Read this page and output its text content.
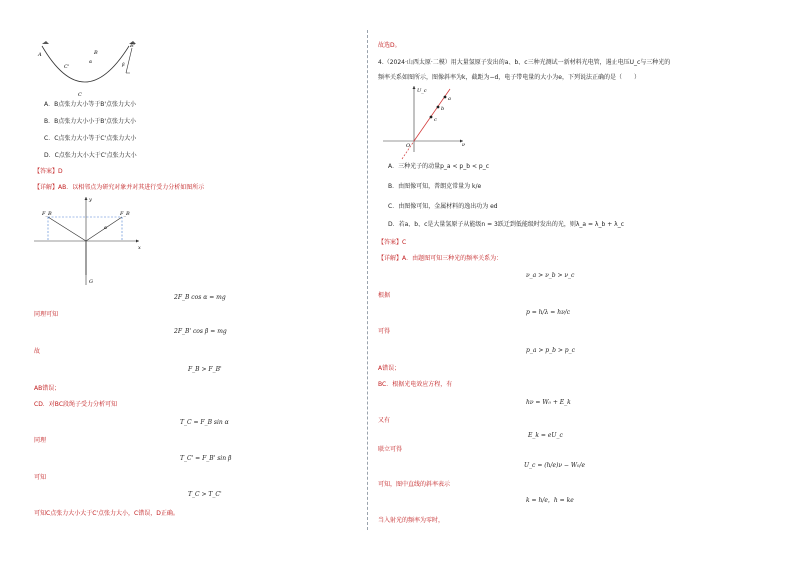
A	B
C
C'
B'
α
β
A．B点张力大小等于B'点张力大小
B．B点张力大小小于B'点张力大小
C．C点张力大小等于C'点张力大小
D．C点张力大小大于C'点张力大小
【答案】D
【详解】AB．以相邻点为研究对象并对其进行受力分析如图所示
F_B	F_B
α
y
x
G
2F_B cos α = mg
同理可知
2F_B' cos β = mg
故
F_B > F_B'
AB错误；
CD．对BC段绳子受力分析可知
T_C = F_B sin α
同理
T_C' = F_B' sin β
可知
T_C > T_C'
可知C点张力大小大于C'点张力大小，C错误，D正确。
故选D。
4.（2024·山西太原·二模）用大量氢原子发出的a、b、c三种光测试一新材料光电管，遏止电压U_c与三种光的
频率关系如图所示，图像斜率为k，截距为−d，电子带电量的大小为e，下列说法正确的是（　　）
U_c
ν
O
a
b
c
A．三种光子的动量p_a < p_b < p_c
B．由图像可知，普朗克常量为 k/e
C．由图像可知，金属材料的逸出功为 ed
D．若a、b、c是大量氢原子从能级n = 3跃迁到低能级时发出的光，则λ_a = λ_b + λ_c
【答案】C
【详解】A．由题图可知三种光的频率关系为：
ν_a > ν_b > ν_c
根据
p = h/λ = hν/c
可得
p_a > p_b > p_c
A错误；
BC．根据光电效应方程，有
hν = W₀ + E_k
又有
E_k = eU_c
联立可得
U_c = (h/e)ν − W₀/e
可知，图中直线的斜率表示
k = h/e，h = ke
当入射光的频率为零时，
